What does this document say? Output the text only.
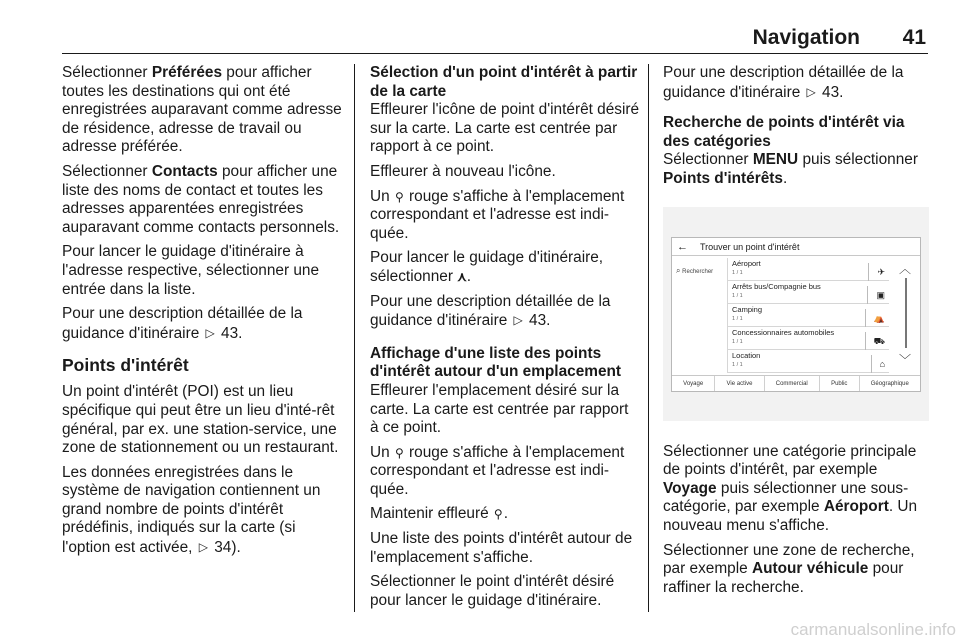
Navigation 41

Sélectionner Préférées pour afficher toutes les destinations qui ont été enregistrées auparavant comme adresse de résidence, adresse de travail ou adresse préférée.

Sélectionner Contacts pour afficher une liste des noms de contact et toutes les adresses apparentées enregistrées auparavant comme contacts personnels.

Pour lancer le guidage d'itinéraire à l'adresse respective, sélectionner une entrée dans la liste.

Pour une description détaillée de la guidance d'itinéraire ▷ 43.

Points d'intérêt

Un point d'intérêt (POI) est un lieu spécifique qui peut être un lieu d'inté-rêt général, par ex. une station-service, une zone de stationnement ou un restaurant.

Les données enregistrées dans le système de navigation contiennent un grand nombre de points d'intérêt prédéfinis, indiqués sur la carte (si l'option est activée, ▷ 34).

Sélection d'un point d'intérêt à partir de la carte

Effleurer l'icône de point d'intérêt désiré sur la carte. La carte est centrée par rapport à ce point.

Effleurer à nouveau l'icône.

Un ⚲ rouge s'affiche à l'emplacement correspondant et l'adresse est indi-quée.

Pour lancer le guidage d'itinéraire, sélectionner ⋏.

Pour une description détaillée de la guidance d'itinéraire ▷ 43.

Affichage d'une liste des points d'intérêt autour d'un emplacement

Effleurer l'emplacement désiré sur la carte. La carte est centrée par rapport à ce point.

Un ⚲ rouge s'affiche à l'emplacement correspondant et l'adresse est indi-quée.

Maintenir effleuré ⚲.

Une liste des points d'intérêt autour de l'emplacement s'affiche.

Sélectionner le point d'intérêt désiré pour lancer le guidage d'itinéraire.

Pour une description détaillée de la guidance d'itinéraire ▷ 43.

Recherche de points d'intérêt via des catégories

Sélectionner MENU puis sélectionner Points d'intérêts.

← Trouver un point d'intérêt
⌕ Rechercher
Aéroport
1 / 1	✈
Arrêts bus/Compagnie bus
1 / 1	▣
Camping
1 / 1	⛺
Concessionnaires automobiles
1 / 1	⛟
Location
1 / 1	⌂
︿
﹀
Voyage	Vie active	Commercial	Public	Géographique

Sélectionner une catégorie principale de points d'intérêt, par exemple Voyage puis sélectionner une sous-catégorie, par exemple Aéroport. Un nouveau menu s'affiche.

Sélectionner une zone de recherche, par exemple Autour véhicule pour raffiner la recherche.

carmanualsonline.info
